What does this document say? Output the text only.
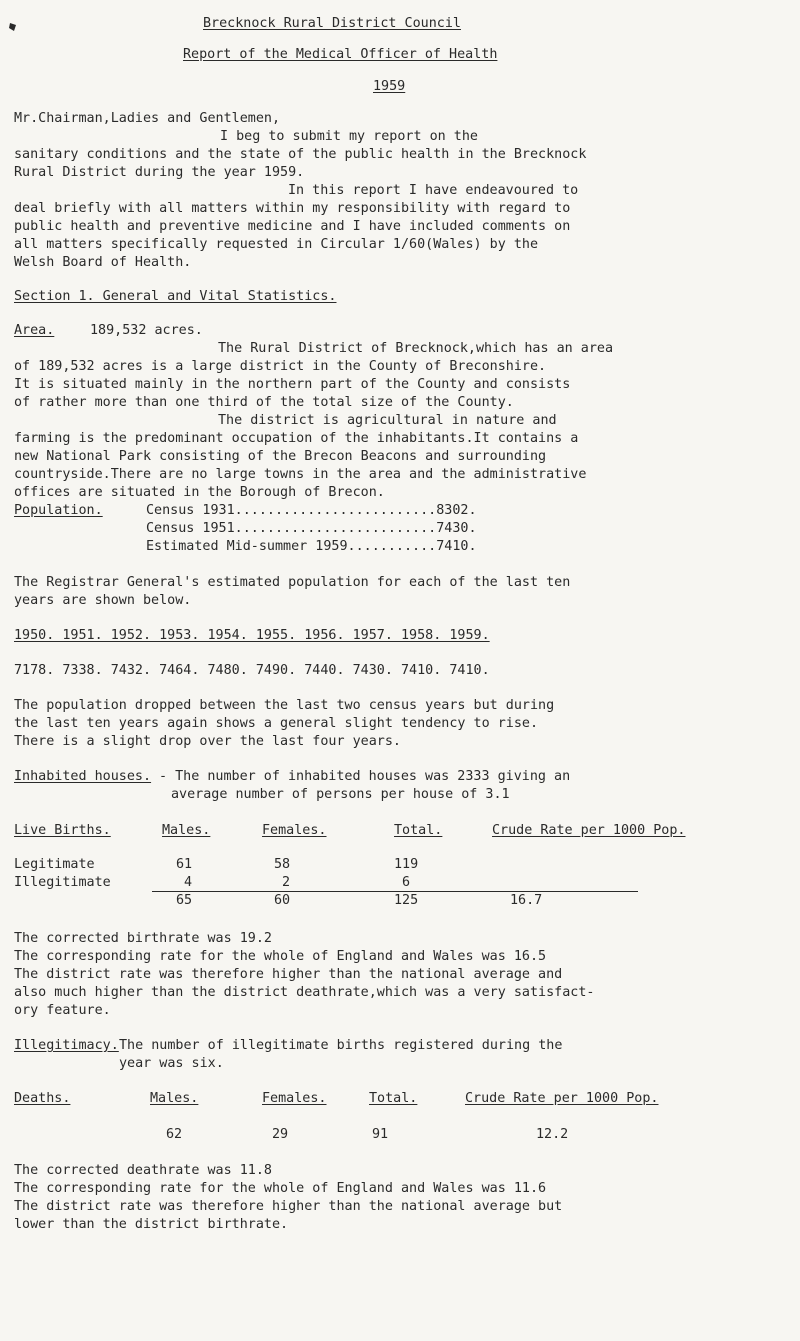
Brecknock Rural District Council
Report of the Medical Officer of Health
1959
Mr.Chairman,Ladies and Gentlemen,
I beg to submit my report on the
sanitary conditions and the state of the public health in the Brecknock
Rural District during the year 1959.
In this report I have endeavoured to
deal briefly with all matters within my responsibility with regard to
public health and preventive medicine and I have included comments on
all matters specifically requested in Circular 1/60(Wales) by the
Welsh Board of Health.
Section 1. General and Vital Statistics.
Area.	189,532 acres.
The Rural District of Brecknock,which has an area
of 189,532 acres is a large district in the County of Breconshire.
It is situated mainly in the northern part of the County and consists
of rather more than one third of the total size of the County.
The district is agricultural in nature and
farming is the predominant occupation of the inhabitants.It contains a
new National Park consisting of the Brecon Beacons and surrounding
countryside.There are no large towns in the area and the administrative
offices are situated in the Borough of Brecon.
Population.	Census 1931.........................8302.
Census 1951.........................7430.
Estimated Mid-summer 1959...........7410.
The Registrar General's estimated population for each of the last ten
years are shown below.
1950. 1951. 1952. 1953. 1954. 1955. 1956. 1957. 1958. 1959.
7178. 7338. 7432. 7464. 7480. 7490. 7440. 7430. 7410. 7410.
The population dropped between the last two census years but during
the last ten years again shows a general slight tendency to rise.
There is a slight drop over the last four years.
Inhabited houses. - The number of inhabited houses was 2333 giving an
average number of persons per house of 3.1
Live Births.	Males.	Females.	Total.	Crude Rate per 1000 Pop.
Legitimate	61	58	119
Illegitimate	4	2	6
65	60	125	16.7
The corrected birthrate was 19.2
The corresponding rate for the whole of England and Wales was 16.5
The district rate was therefore higher than the national average and
also much higher than the district deathrate,which was a very satisfact-
ory feature.
Illegitimacy. The number of illegitimate births registered during the
year was six.
Deaths.	Males.	Females.	Total.	Crude Rate per 1000 Pop.
62	29	91	12.2
The corrected deathrate was 11.8
The corresponding rate for the whole of England and Wales was 11.6
The district rate was therefore higher than the national average but
lower than the district birthrate.
